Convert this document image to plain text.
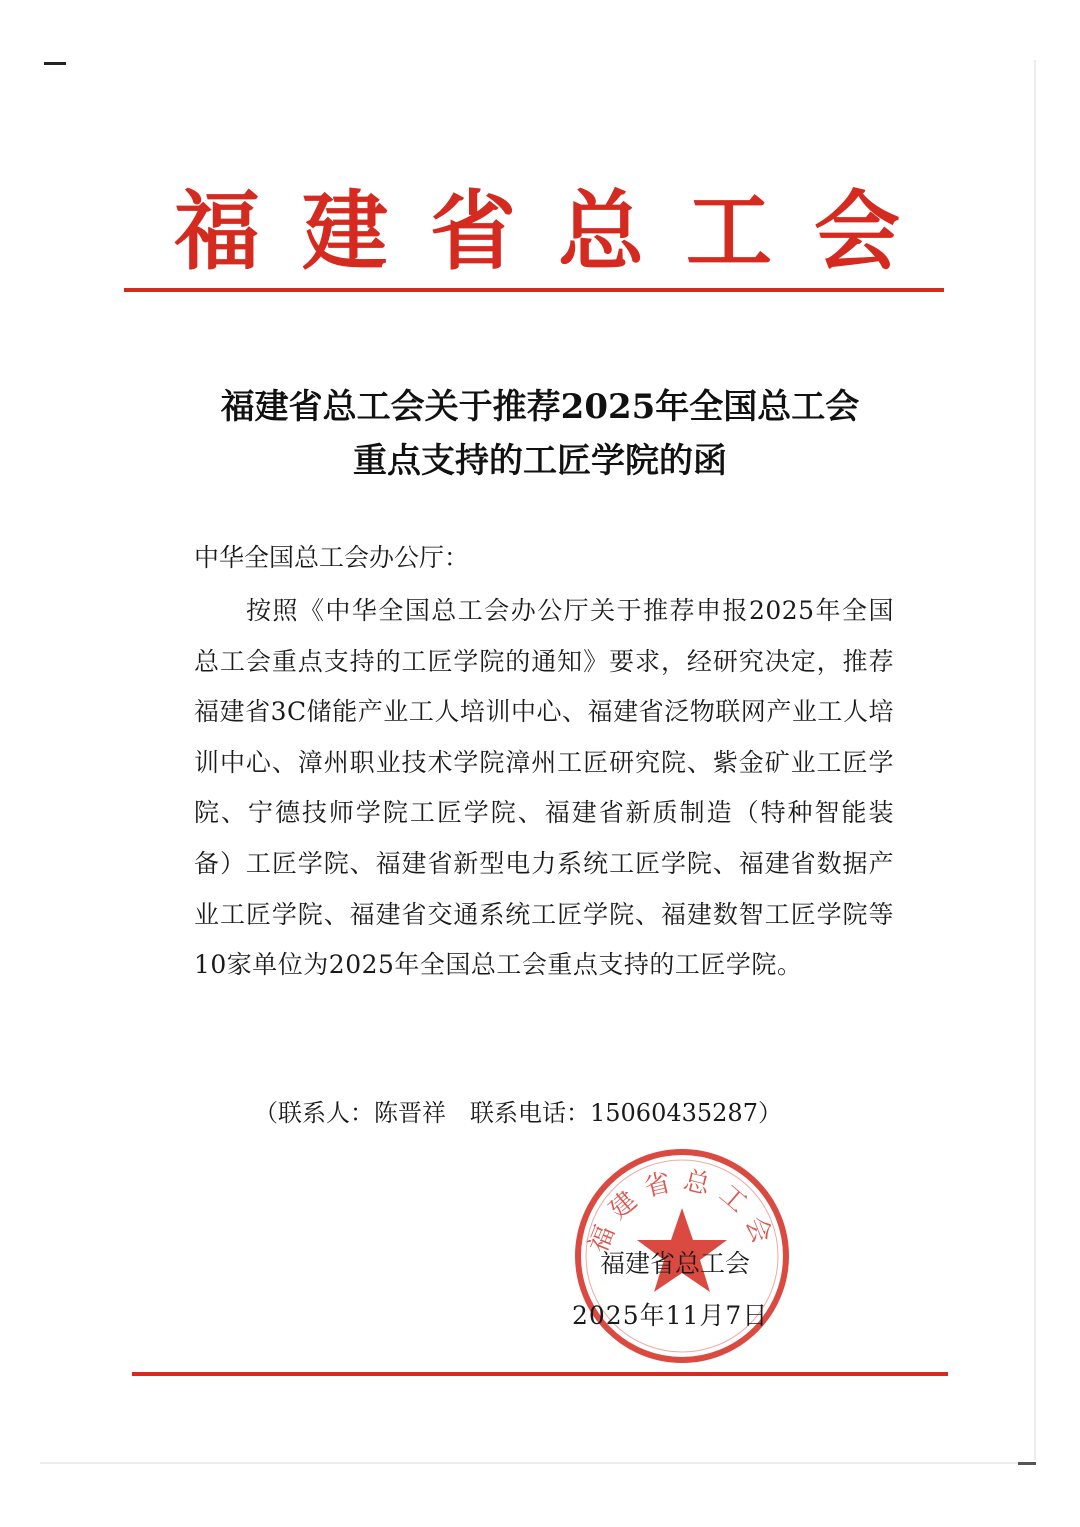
福 建 省 总 工 会
福建省总工会关于推荐2025年全国总工会
重点支持的工匠学院的函
中华全国总工会办公厅：
按照《中华全国总工会办公厅关于推荐申报2025年全国总工会重点支持的工匠学院的通知》要求，经研究决定，推荐福建省3C储能产业工人培训中心、福建省泛物联网产业工人培训中心、漳州职业技术学院漳州工匠研究院、紫金矿业工匠学院、宁德技师学院工匠学院、福建省新质制造（特种智能装备）工匠学院、福建省新型电力系统工匠学院、福建省数据产业工匠学院、福建省交通系统工匠学院、福建数智工匠学院等10家单位为2025年全国总工会重点支持的工匠学院。
（联系人：陈晋祥　联系电话：15060435287）
福建省总工会
福建省总工会
2025年11月7日
